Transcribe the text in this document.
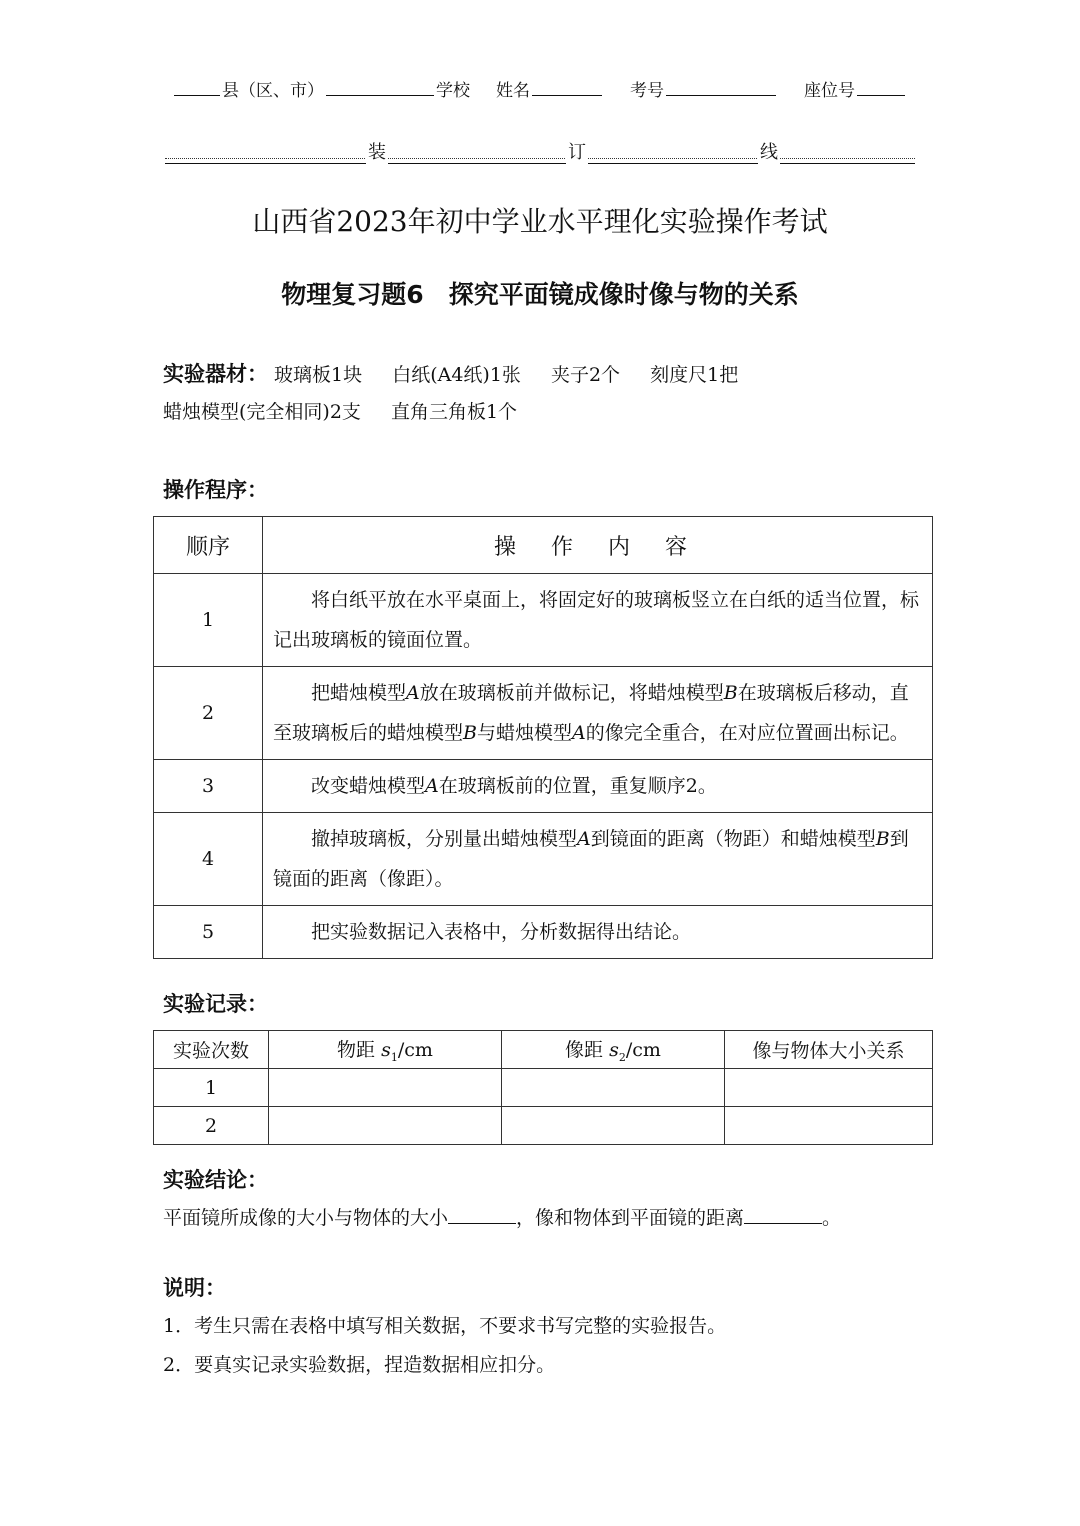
县（区、市）	学校 姓名	考号	座位号
装	订	线
山西省2023年初中学业水平理化实验操作考试
物理复习题6　探究平面镜成像时像与物的关系
实验器材： 玻璃板1块 白纸(A4纸)1张 夹子2个 刻度尺1把
蜡烛模型(完全相同)2支 直角三角板1个
操作程序：
顺序	操 作 内 容
1	将白纸平放在水平桌面上，将固定好的玻璃板竖立在白纸的适当位置，标记出玻璃板的镜面位置。
2	把蜡烛模型A放在玻璃板前并做标记，将蜡烛模型B在玻璃板后移动，直至玻璃板后的蜡烛模型B与蜡烛模型A的像完全重合，在对应位置画出标记。
3	改变蜡烛模型A在玻璃板前的位置，重复顺序2。
4	撤掉玻璃板，分别量出蜡烛模型A到镜面的距离（物距）和蜡烛模型B到镜面的距离（像距）。
5	把实验数据记入表格中，分析数据得出结论。
实验记录：
实验次数	物距 $s_1/cm$	像距 $s_2/cm$	像与物体大小关系
1			
2			
实验结论：
平面镜所成像的大小与物体的大小	，像和物体到平面镜的距离	。
说明：
1．考生只需在表格中填写相关数据，不要求书写完整的实验报告。
2．要真实记录实验数据，捏造数据相应扣分。
